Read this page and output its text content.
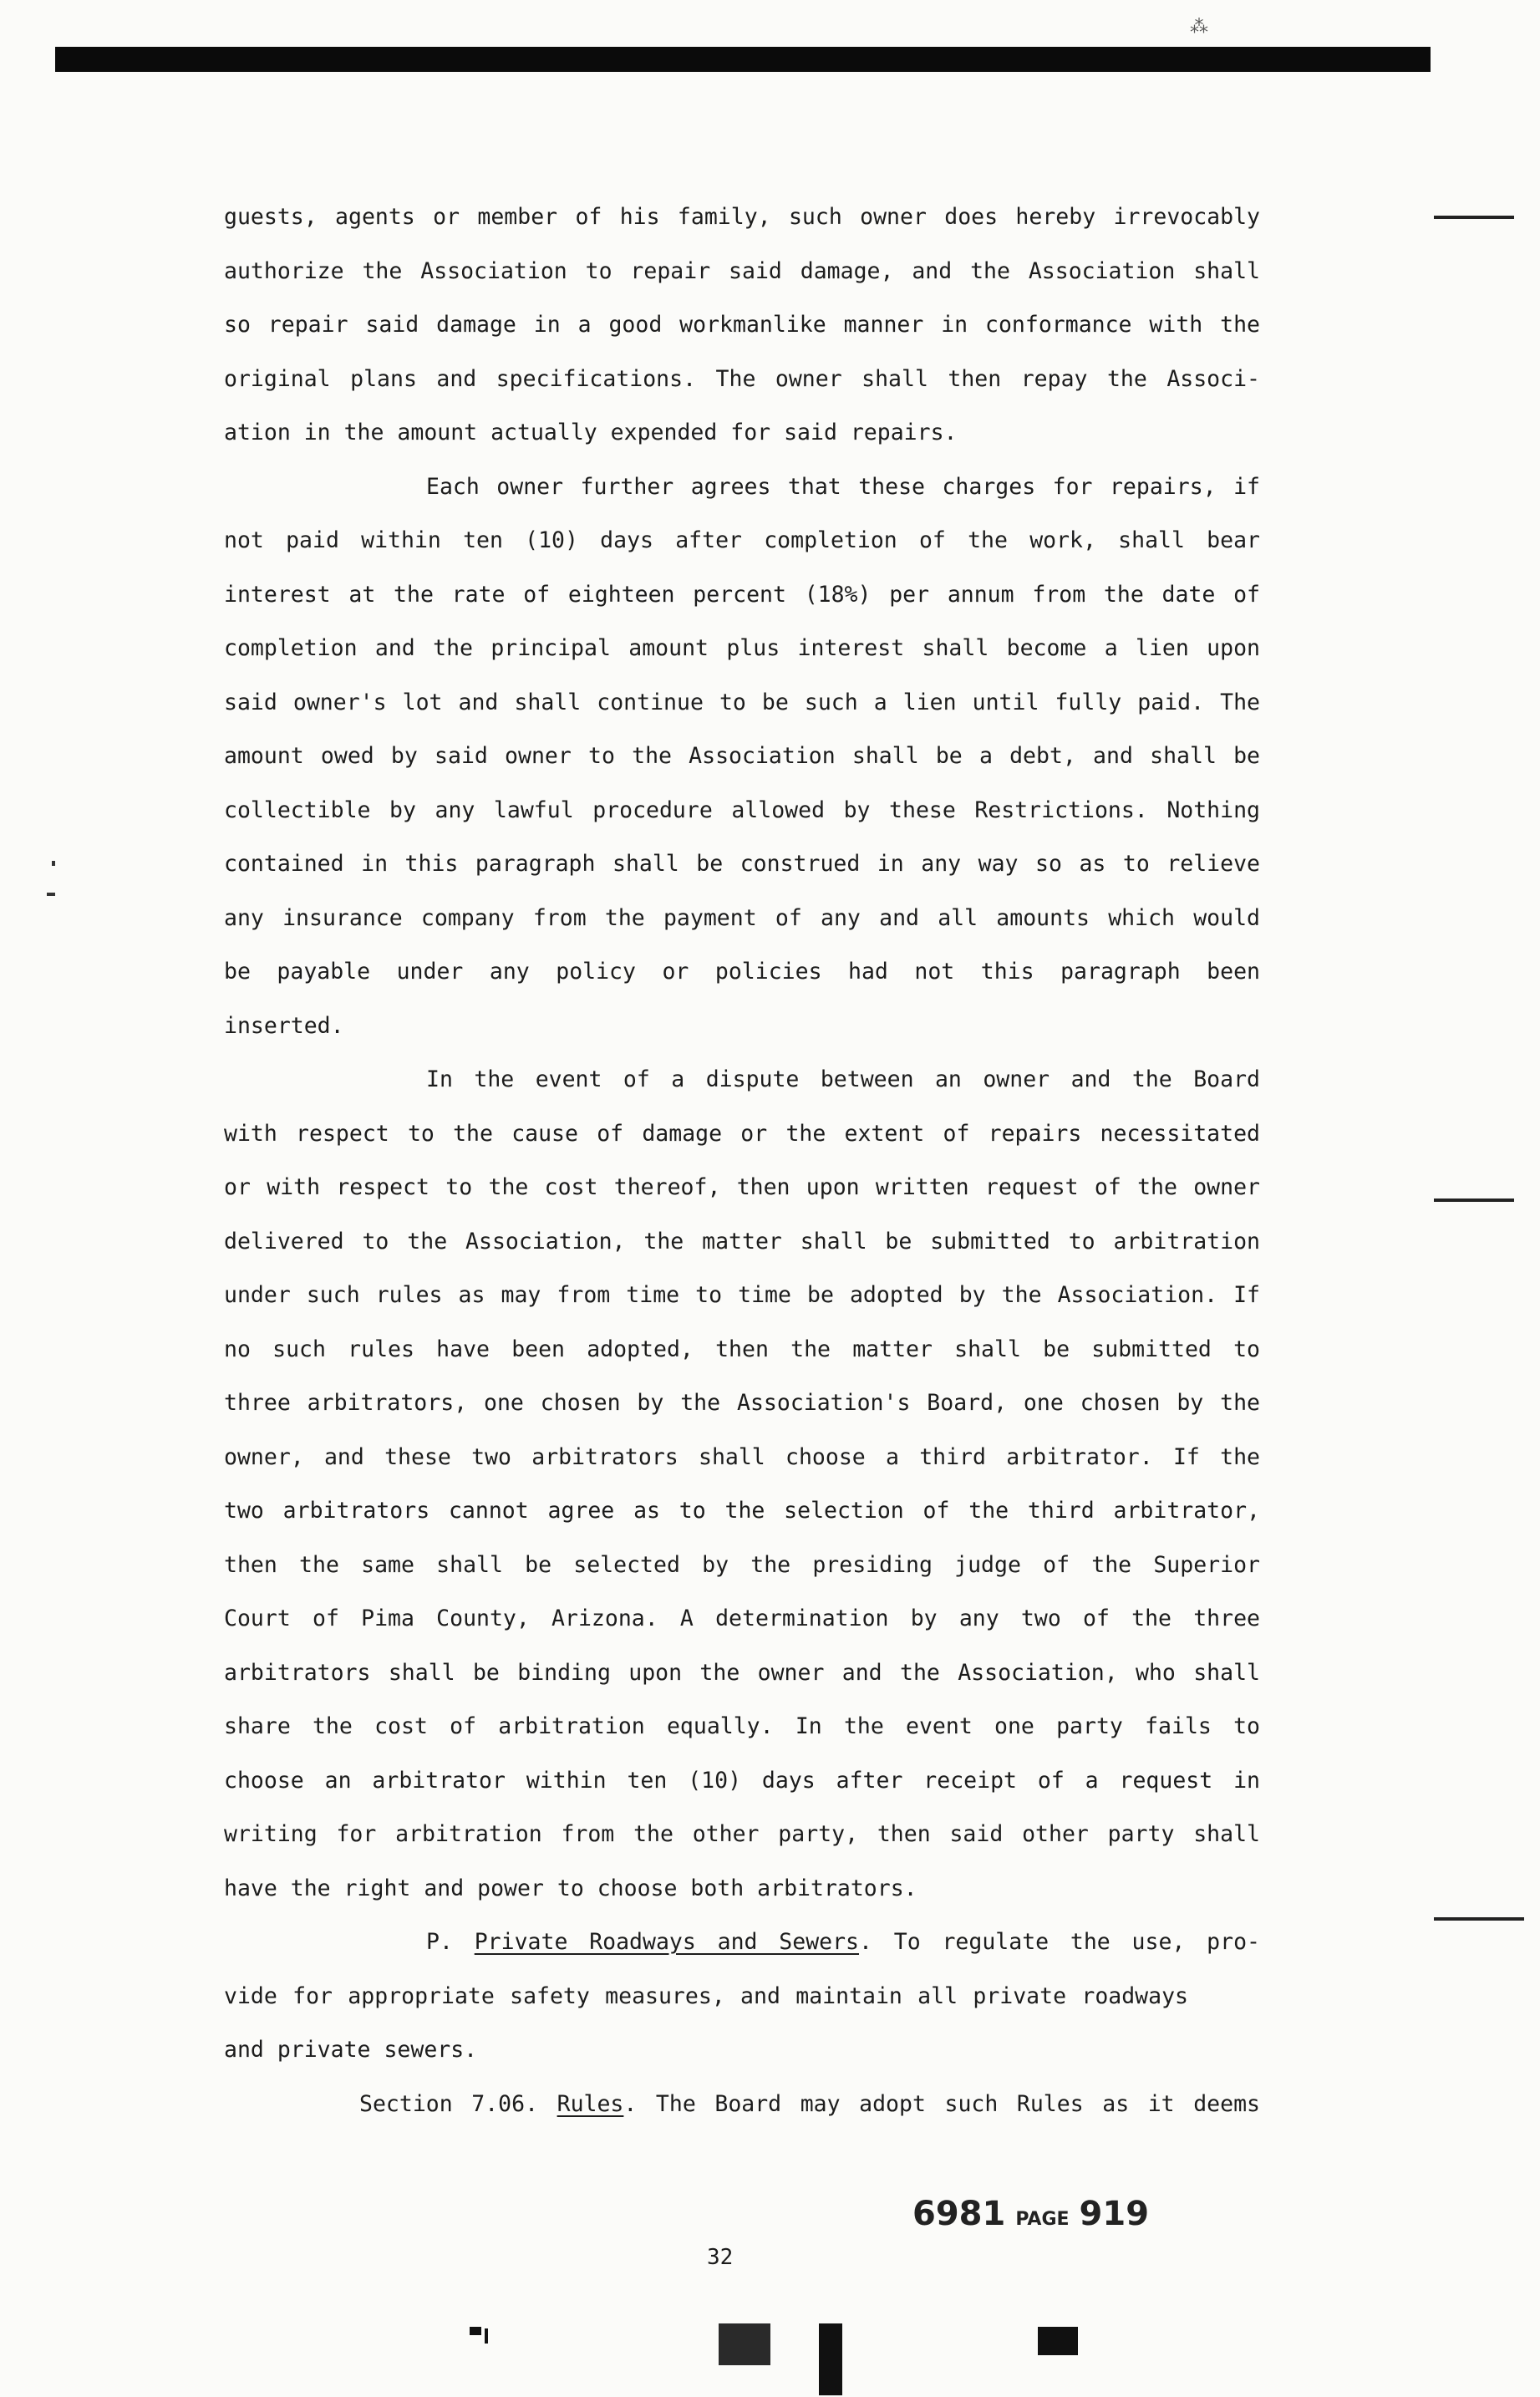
⁂
guests, agents or member of his family, such owner does hereby irrevocably
authorize the Association to repair said damage, and the Association shall
so repair said damage in a good workmanlike manner in conformance with the
original plans and specifications. The owner shall then repay the Associ-
ation in the amount actually expended for said repairs.
Each owner further agrees that these charges for repairs, if
not paid within ten (10) days after completion of the work, shall bear
interest at the rate of eighteen percent (18%) per annum from the date of
completion and the principal amount plus interest shall become a lien upon
said owner's lot and shall continue to be such a lien until fully paid. The
amount owed by said owner to the Association shall be a debt, and shall be
collectible by any lawful procedure allowed by these Restrictions. Nothing
contained in this paragraph shall be construed in any way so as to relieve
any insurance company from the payment of any and all amounts which would
be payable under any policy or policies had not this paragraph been
inserted.
In the event of a dispute between an owner and the Board
with respect to the cause of damage or the extent of repairs necessitated
or with respect to the cost thereof, then upon written request of the owner
delivered to the Association, the matter shall be submitted to arbitration
under such rules as may from time to time be adopted by the Association. If
no such rules have been adopted, then the matter shall be submitted to
three arbitrators, one chosen by the Association's Board, one chosen by the
owner, and these two arbitrators shall choose a third arbitrator. If the
two arbitrators cannot agree as to the selection of the third arbitrator,
then the same shall be selected by the presiding judge of the Superior
Court of Pima County, Arizona. A determination by any two of the three
arbitrators shall be binding upon the owner and the Association, who shall
share the cost of arbitration equally. In the event one party fails to
choose an arbitrator within ten (10) days after receipt of a request in
writing for arbitration from the other party, then said other party shall
have the right and power to choose both arbitrators.
P. Private Roadways and Sewers. To regulate the use, pro-
vide for appropriate safety measures, and maintain all private roadways
and private sewers.
Section 7.06. Rules. The Board may adopt such Rules as it deems
6981 PAGE 919
32
